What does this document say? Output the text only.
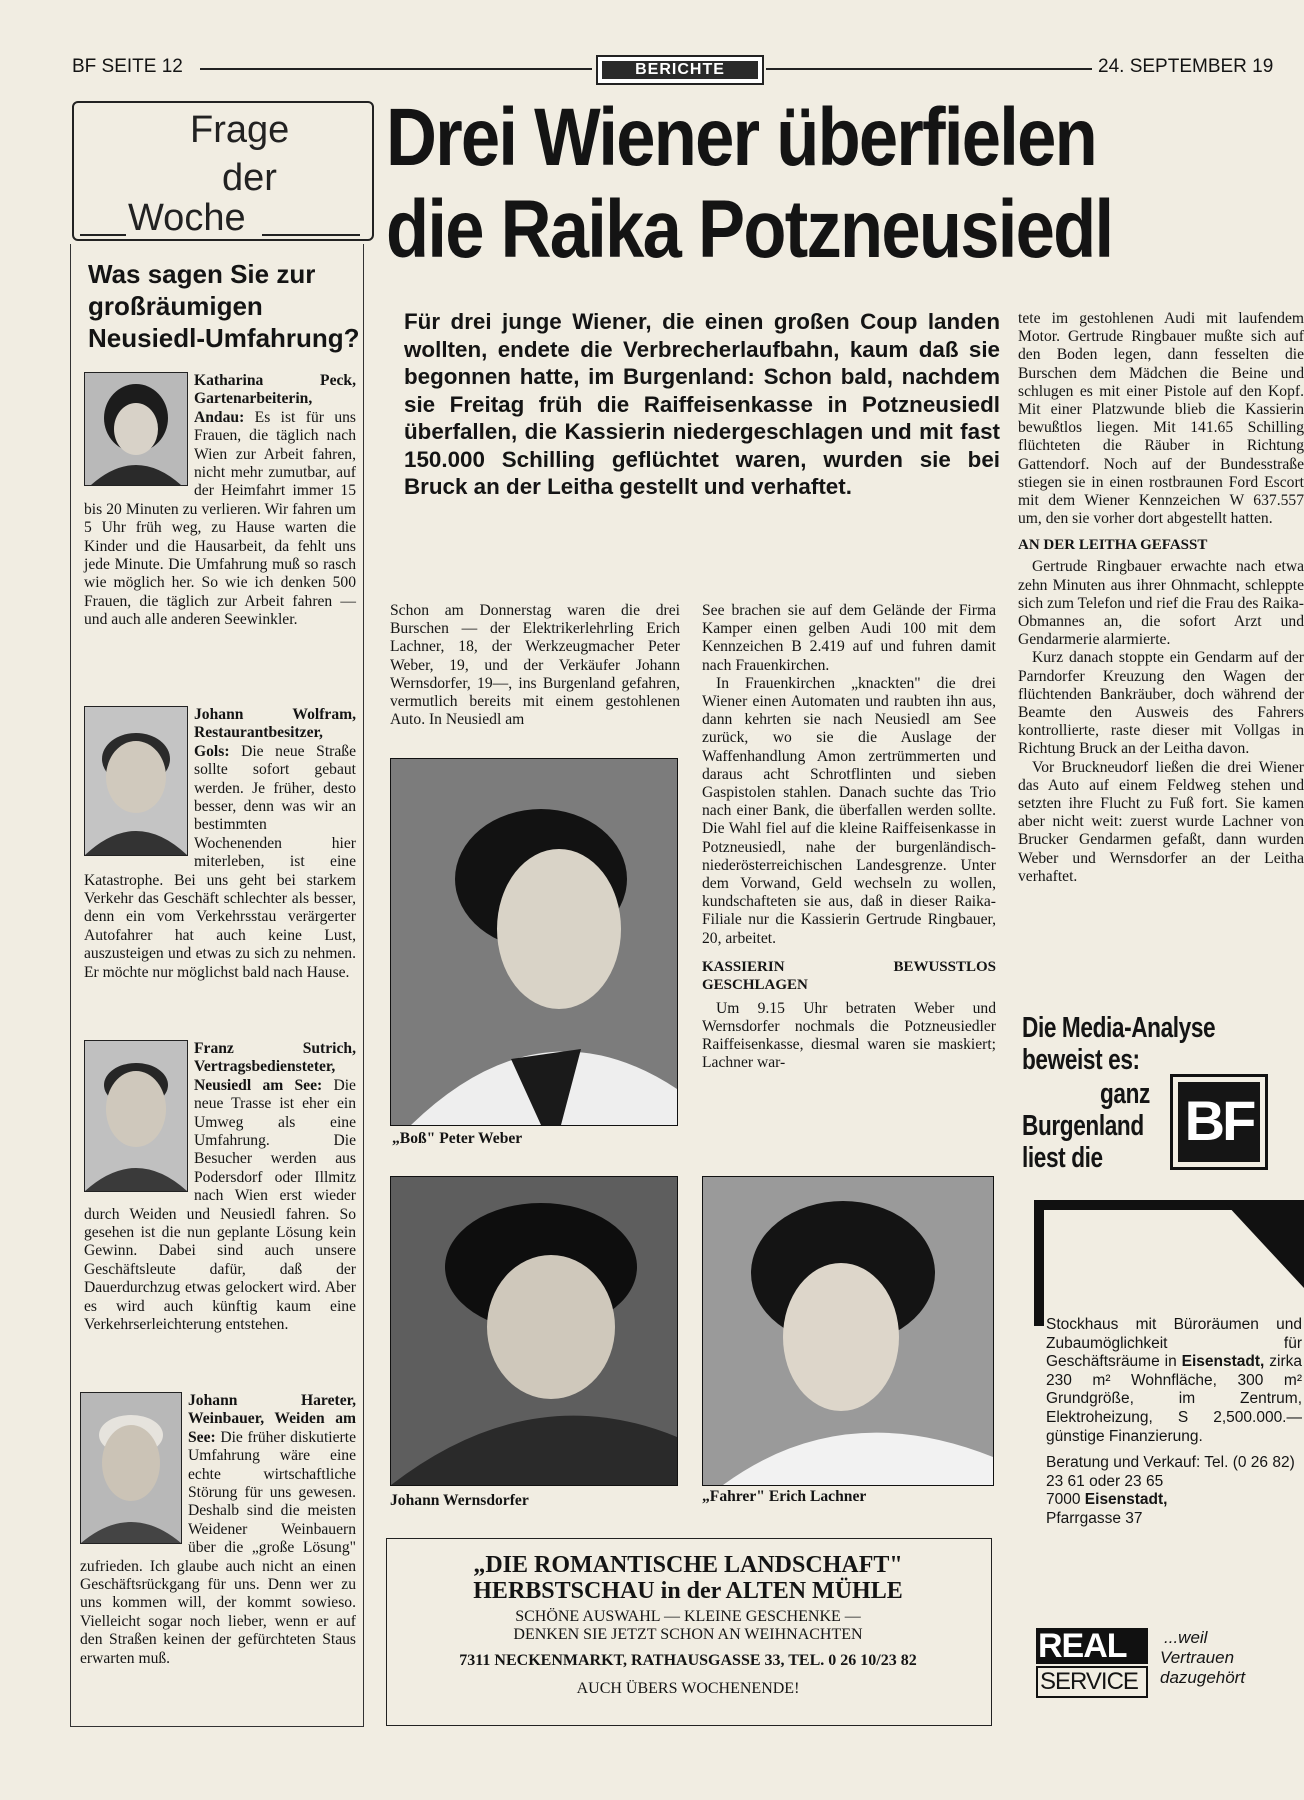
BF SEITE 12	BERICHTE	24. SEPTEMBER 19
Frage
der
Woche
Was sagen Sie zur großräumigen Neusiedl-Umfahrung?
Katharina Peck, Gartenarbeiterin, Andau: Es ist für uns Frauen, die täglich nach Wien zur Arbeit fahren, nicht mehr zumutbar, auf der Heimfahrt immer 15 bis 20 Minuten zu verlieren. Wir fahren um 5 Uhr früh weg, zu Hause warten die Kinder und die Hausarbeit, da fehlt uns jede Minute. Die Umfahrung muß so rasch wie möglich her. So wie ich denken 500 Frauen, die täglich zur Arbeit fahren — und auch alle anderen Seewinkler.
Johann Wolfram, Restaurantbesitzer, Gols: Die neue Straße sollte sofort gebaut werden. Je früher, desto besser, denn was wir an bestimmten Wochenenden hier miterleben, ist eine Katastrophe. Bei uns geht bei starkem Verkehr das Geschäft schlechter als besser, denn ein vom Verkehrsstau verärgerter Autofahrer hat auch keine Lust, auszusteigen und etwas zu sich zu nehmen. Er möchte nur möglichst bald nach Hause.
Franz Sutrich, Vertragsbediensteter, Neusiedl am See: Die neue Trasse ist eher ein Umweg als eine Umfahrung. Die Besucher werden aus Podersdorf oder Illmitz nach Wien erst wieder durch Weiden und Neusiedl fahren. So gesehen ist die nun geplante Lösung kein Gewinn. Dabei sind auch unsere Geschäftsleute dafür, daß der Dauerdurchzug etwas gelockert wird. Aber es wird auch künftig kaum eine Verkehrserleichterung entstehen.
Johann Hareter, Weinbauer, Weiden am See: Die früher diskutierte Umfahrung wäre eine echte wirtschaftliche Störung für uns gewesen. Deshalb sind die meisten Weidener Weinbauern über die „große Lösung" zufrieden. Ich glaube auch nicht an einen Geschäftsrückgang für uns. Denn wer zu uns kommen will, der kommt sowieso. Vielleicht sogar noch lieber, wenn er auf den Straßen keinen der gefürchteten Staus erwarten muß.
Drei Wiener überfielen
die Raika Potzneusiedl
Für drei junge Wiener, die einen großen Coup landen wollten, endete die Verbrecherlaufbahn, kaum daß sie begonnen hatte, im Burgenland: Schon bald, nachdem sie Freitag früh die Raiffeisenkasse in Potzneusiedl überfallen, die Kassierin niedergeschlagen und mit fast 150.000 Schilling geflüchtet waren, wurden sie bei Bruck an der Leitha gestellt und verhaftet.
Schon am Donnerstag waren die drei Burschen — der Elektrikerlehrling Erich Lachner, 18, der Werkzeugmacher Peter Weber, 19, und der Verkäufer Johann Wernsdorfer, 19—, ins Burgenland gefahren, vermutlich bereits mit einem gestohlenen Auto. In Neusiedl am

See brachen sie auf dem Gelände der Firma Kamper einen gelben Audi 100 mit dem Kennzeichen B 2.419 auf und fuhren damit nach Frauenkirchen.

In Frauenkirchen „knackten" die drei Wiener einen Automaten und raubten ihn aus, dann kehrten sie nach Neusiedl am See zurück, wo sie die Auslage der Waffenhandlung Amon zertrümmerten und daraus acht Schrotflinten und sieben Gaspistolen stahlen. Danach suchte das Trio nach einer Bank, die überfallen werden sollte. Die Wahl fiel auf die kleine Raiffeisenkasse in Potzneusiedl, nahe der burgenländisch-niederösterreichischen Landesgrenze. Unter dem Vorwand, Geld wechseln zu wollen, kundschafteten sie aus, daß in dieser Raika-Filiale nur die Kassierin Gertrude Ringbauer, 20, arbeitet.

KASSIERIN BEWUSSTLOS GESCHLAGEN

Um 9.15 Uhr betraten Weber und Wernsdorfer nochmals die Potzneusiedler Raiffeisenkasse, diesmal waren sie maskiert; Lachner war-

tete im gestohlenen Audi mit laufendem Motor. Gertrude Ringbauer mußte sich auf den Boden legen, dann fesselten die Burschen dem Mädchen die Beine und schlugen es mit einer Pistole auf den Kopf. Mit einer Platzwunde blieb die Kassierin bewußtlos liegen. Mit 141.65 Schilling flüchteten die Räuber in Richtung Gattendorf. Noch auf der Bundesstraße stiegen sie in einen rostbraunen Ford Escort mit dem Wiener Kennzeichen W 637.557 um, den sie vorher dort abgestellt hatten.

AN DER LEITHA GEFASST

Gertrude Ringbauer erwachte nach etwa zehn Minuten aus ihrer Ohnmacht, schleppte sich zum Telefon und rief die Frau des Raika-Obmannes an, die sofort Arzt und Gendarmerie alarmierte.

Kurz danach stoppte ein Gendarm auf der Parndorfer Kreuzung den Wagen der flüchtenden Bankräuber, doch während der Beamte den Ausweis des Fahrers kontrollierte, raste dieser mit Vollgas in Richtung Bruck an der Leitha davon.

Vor Bruckneudorf ließen die drei Wiener das Auto auf einem Feldweg stehen und setzten ihre Flucht zu Fuß fort. Sie kamen aber nicht weit: zuerst wurde Lachner von Brucker Gendarmen gefaßt, dann wurden Weber und Wernsdorfer an der Leitha verhaftet.

„Boß" Peter Weber
Johann Wernsdorfer	„Fahrer" Erich Lachner
Die Media-Analyse
beweist es:
ganz
Burgenland
liest die
BF
„DIE ROMANTISCHE LANDSCHAFT"
HERBSTSCHAU in der ALTEN MÜHLE
SCHÖNE AUSWAHL — KLEINE GESCHENKE —
DENKEN SIE JETZT SCHON AN WEIHNACHTEN
7311 NECKENMARKT, RATHAUSGASSE 33, TEL. 0 26 10/23 82
AUCH ÜBERS WOCHENENDE!

Stockhaus mit Büroräumen und Zubaumöglichkeit für Geschäftsräume in Eisenstadt, zirka 230 m² Wohnfläche, 300 m² Grundgröße, im Zentrum, Elektroheizung, S 2,500.000.— günstige Finanzierung.

Beratung und Verkauf: Tel. (0 26 82) 23 61 oder 23 65

7000 Eisenstadt,

Pfarrgasse 37

REAL
SERVICE
...weil
Vertrauen
dazugehört
